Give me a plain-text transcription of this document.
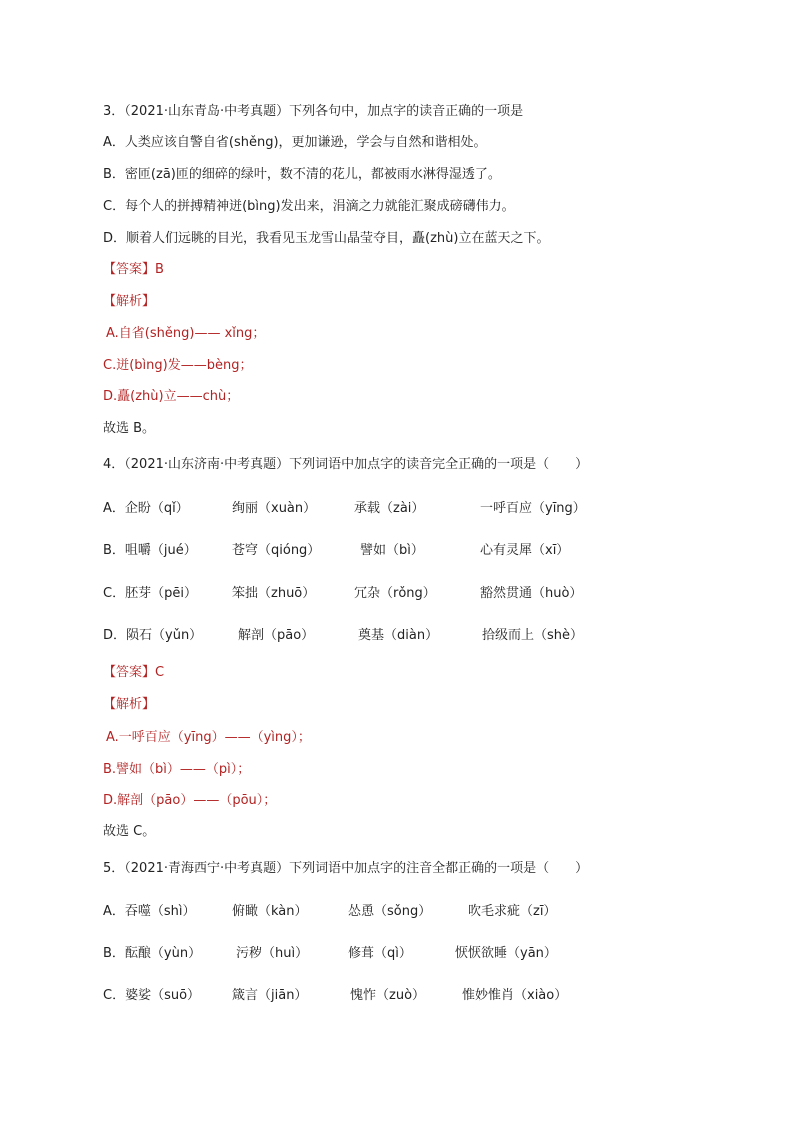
3．（2021·山东青岛·中考真题）下列各句中，加点字的读音正确的一项是
A．人类应该自警自省(shěng)，更加谦逊，学会与自然和谐相处。
B．密匝(zā)匝的细碎的绿叶，数不清的花儿，都被雨水淋得湿透了。
C．每个人的拼搏精神迸(bìng)发出来，涓滴之力就能汇聚成磅礴伟力。
D．顺着人们远眺的目光，我看见玉龙雪山晶莹夺目，矗(zhù)立在蓝天之下。
【答案】B
【解析】
A.自省(shěng)—— xǐng；
C.迸(bìng)发——bèng；
D.矗(zhù)立——chù；
故选 B。
4．（2021·山东济南·中考真题）下列词语中加点字的读音完全正确的一项是（　　）
A．企盼（qǐ）	绚丽（xuàn）	承载（zài）	一呼百应（yīng）
B．咀嚼（jué）	苍穹（qióng）	譬如（bì）	心有灵犀（xī）
C．胚芽（pēi）	笨拙（zhuō）	冗杂（rǒng）	豁然贯通（huò）
D．陨石（yǔn）	解剖（pāo）	奠基（diàn）	拾级而上（shè）
【答案】C
【解析】
A.一呼百应（yīng）——（yìng）；
B.譬如（bì）——（pì）；
D.解剖（pāo）——（pōu）；
故选 C。
5．（2021·青海西宁·中考真题）下列词语中加点字的注音全都正确的一项是（　　）
A．吞噬（shì）	俯瞰（kàn）	怂恿（sǒng）	吹毛求疵（zī）
B．酝酿（yùn）	污秽（huì）	修葺（qì）	恹恹欲睡（yān）
C．婆娑（suō） 箴言（jiān）	愧怍（zuò）	惟妙惟肖（xiào）
